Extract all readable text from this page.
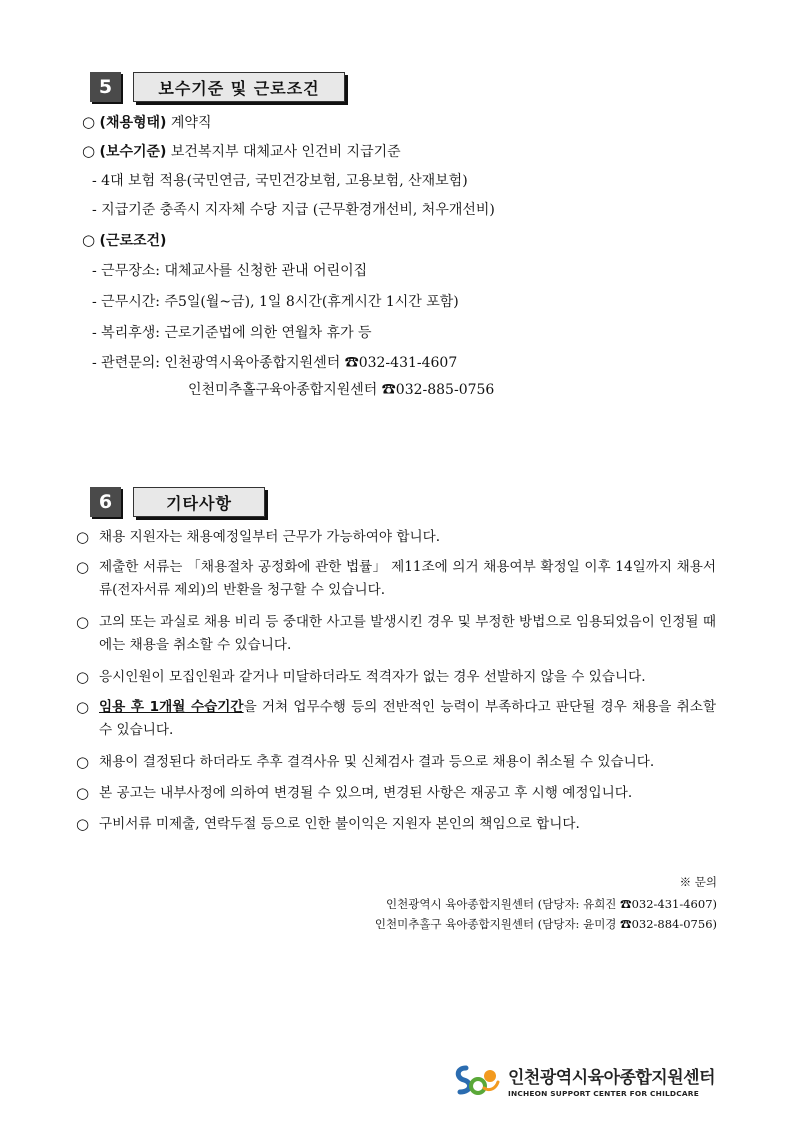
5	보수기준 및 근로조건
○ (채용형태) 계약직
○ (보수기준) 보건복지부 대체교사 인건비 지급기준
- 4대 보험 적용(국민연금, 국민건강보험, 고용보험, 산재보험)
- 지급기준 충족시 지자체 수당 지급 (근무환경개선비, 처우개선비)
○ (근로조건)
- 근무장소: 대체교사를 신청한 관내 어린이집
- 근무시간: 주5일(월~금), 1일 8시간(휴게시간 1시간 포함)
- 복리후생: 근로기준법에 의한 연월차 휴가 등
- 관련문의: 인천광역시육아종합지원센터 ☎032-431-4607
인천미추홀구육아종합지원센터 ☎032-885-0756
6	기타사항
○ 채용 지원자는 채용예정일부터 근무가 가능하여야 합니다.
○ 제출한 서류는 「채용절차 공정화에 관한 법률」 제11조에 의거 채용여부 확정일 이후 14일까지 채용서류(전자서류 제외)의 반환을 청구할 수 있습니다.
○ 고의 또는 과실로 채용 비리 등 중대한 사고를 발생시킨 경우 및 부정한 방법으로 임용되었음이 인정될 때에는 채용을 취소할 수 있습니다.
○ 응시인원이 모집인원과 같거나 미달하더라도 적격자가 없는 경우 선발하지 않을 수 있습니다.
○ 임용 후 1개월 수습기간을 거쳐 업무수행 등의 전반적인 능력이 부족하다고 판단될 경우 채용을 취소할 수 있습니다.
○ 채용이 결정된다 하더라도 추후 결격사유 및 신체검사 결과 등으로 채용이 취소될 수 있습니다.
○ 본 공고는 내부사정에 의하여 변경될 수 있으며, 변경된 사항은 재공고 후 시행 예정입니다.
○ 구비서류 미제출, 연락두절 등으로 인한 불이익은 지원자 본인의 책임으로 합니다.
※ 문의
인천광역시 육아종합지원센터 (담당자: 유희진 ☎032-431-4607)
인천미추홀구 육아종합지원센터 (담당자: 윤미경 ☎032-884-0756)
인천광역시육아종합지원센터
INCHEON SUPPORT CENTER FOR CHILDCARE
